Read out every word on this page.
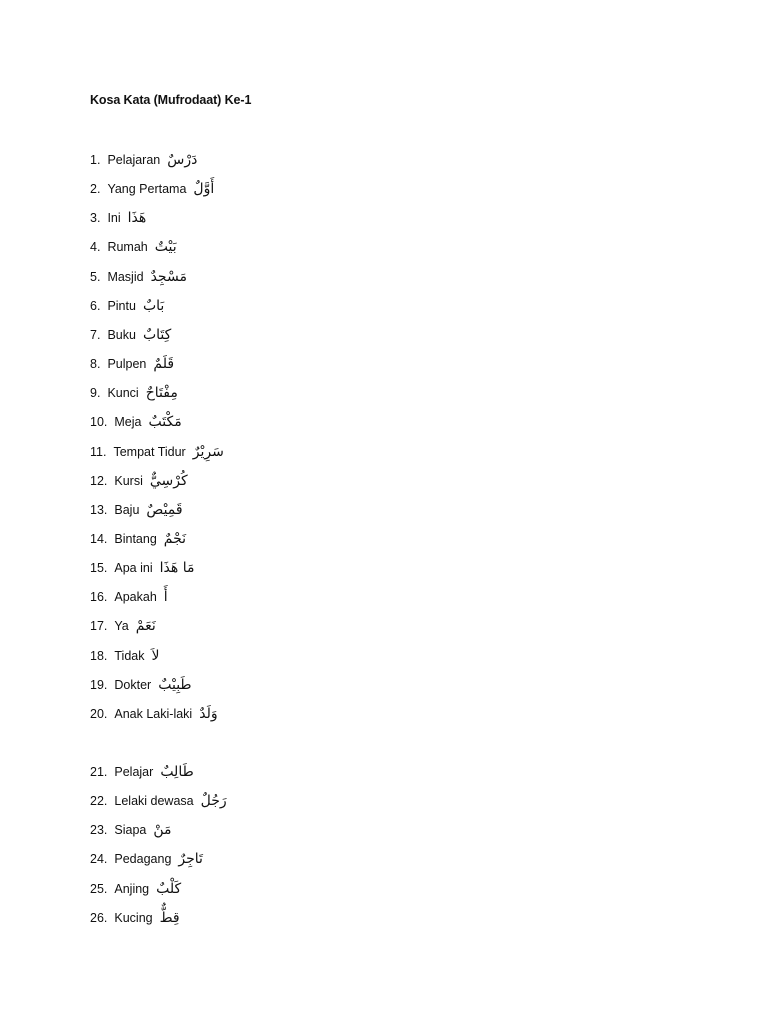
Kosa Kata (Mufrodaat) Ke-1
1. Pelajaran دَرْسٌ
2. Yang Pertama أَوَّلٌ
3. Ini هَذَا
4. Rumah بَيْتٌ
5. Masjid مَسْجِدٌ
6. Pintu بَابٌ
7. Buku كِتَابٌ
8. Pulpen قَلَمٌ
9. Kunci مِفْتَاحٌ
10. Meja مَكْتَبٌ
11. Tempat Tidur سَرِيْرٌ
12. Kursi كُرْسِيٌّ
13. Baju قَمِيْصٌ
14. Bintang نَجْمٌ
15. Apa ini مَا هَذَا
16. Apakah أَ
17. Ya نَعَمْ
18. Tidak لاَ
19. Dokter طَبِيْبٌ
20. Anak Laki-laki وَلَدٌ
21. Pelajar طَالِبٌ
22. Lelaki dewasa رَجُلٌ
23. Siapa مَنْ
24. Pedagang تَاجِرٌ
25. Anjing كَلْبٌ
26. Kucing قِطٌّ
